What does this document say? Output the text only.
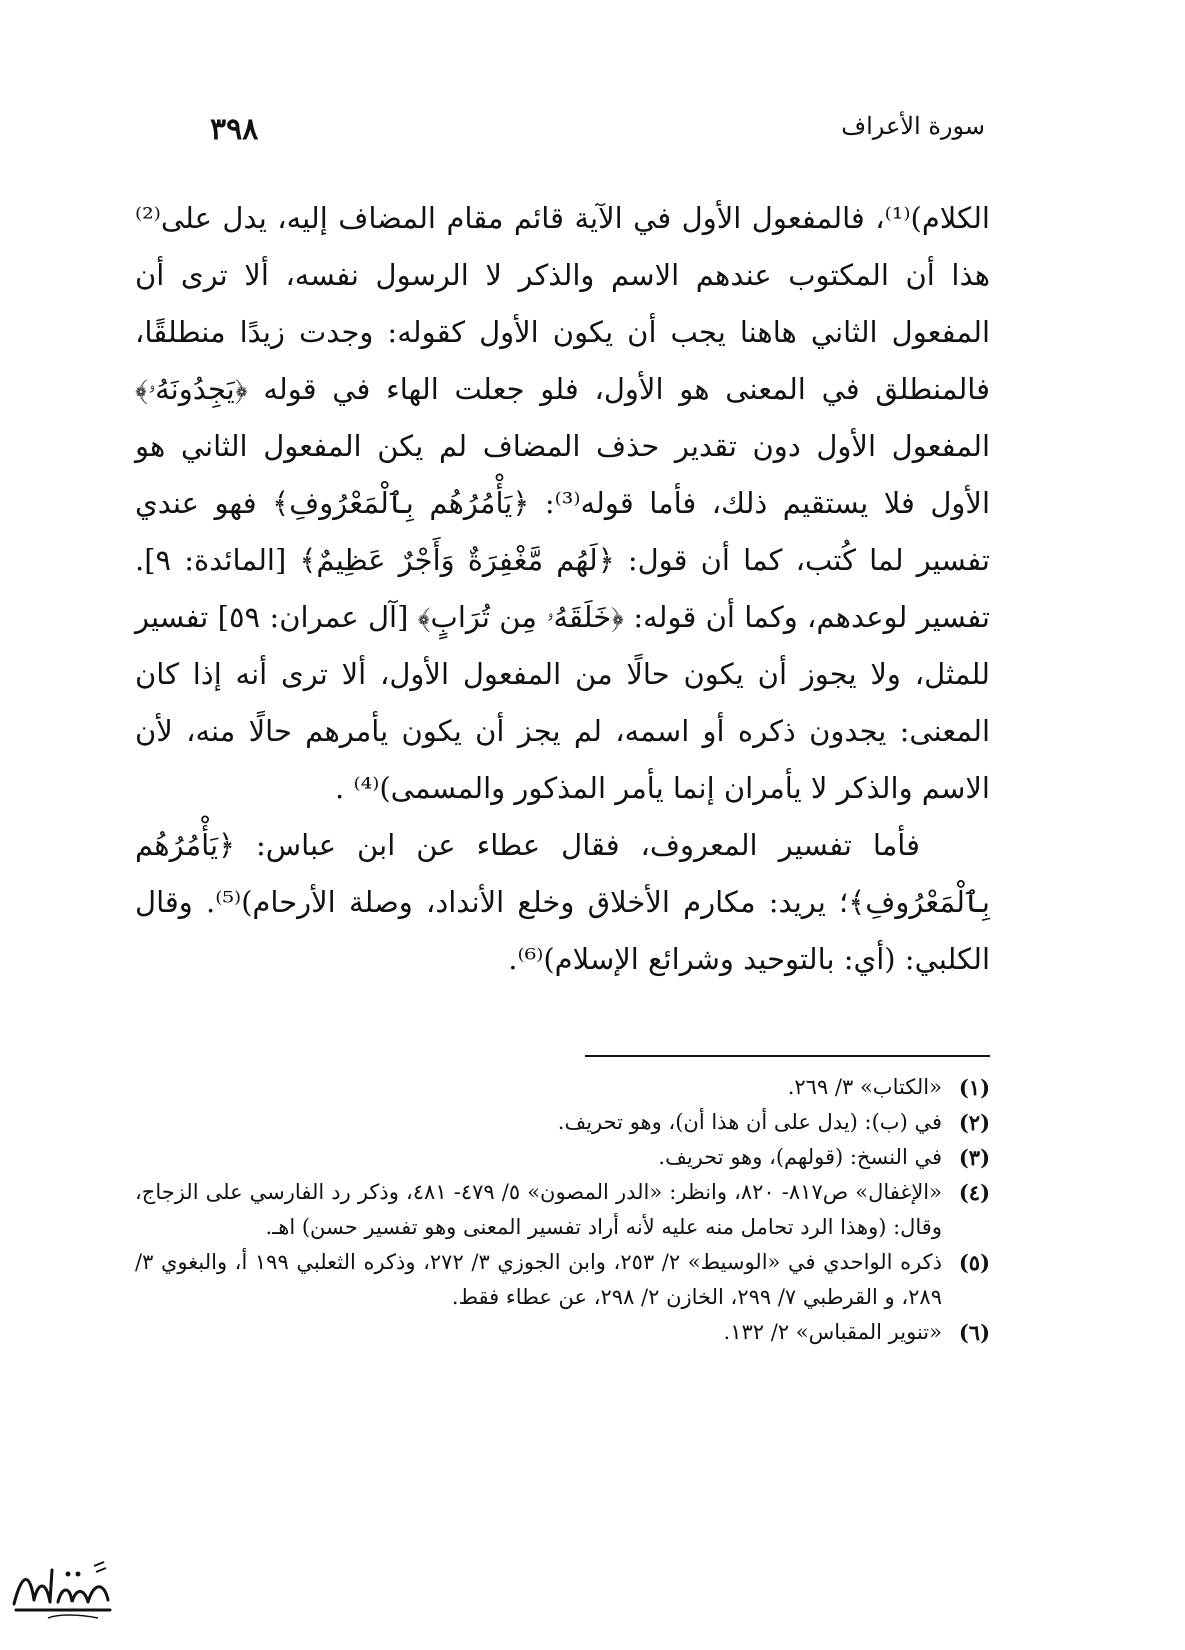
٣٩٨	سورة الأعراف

الكلام)⁽¹⁾، فالمفعول الأول في الآية قائم مقام المضاف إليه، يدل على⁽²⁾ هذا أن المكتوب عندهم الاسم والذكر لا الرسول نفسه، ألا ترى أن المفعول الثاني هاهنا يجب أن يكون الأول كقوله: وجدت زيدًا منطلقًا، فالمنطلق في المعنى هو الأول، فلو جعلت الهاء في قوله ﴿يَجِدُونَهُۥ﴾ المفعول الأول دون تقدير حذف المضاف لم يكن المفعول الثاني هو الأول فلا يستقيم ذلك، فأما قوله⁽³⁾: ﴿يَأْمُرُهُم بِٱلْمَعْرُوفِ﴾ فهو عندي تفسير لما كُتب، كما أن قول: ﴿لَهُم مَّغْفِرَةٌ وَأَجْرٌ عَظِيمٌ﴾ [المائدة: ٩]. تفسير لوعدهم، وكما أن قوله: ﴿خَلَقَهُۥ مِن تُرَابٍ﴾ [آل عمران: ٥٩] تفسير للمثل، ولا يجوز أن يكون حالًا من المفعول الأول، ألا ترى أنه إذا كان المعنى: يجدون ذكره أو اسمه، لم يجز أن يكون يأمرهم حالًا منه، لأن الاسم والذكر لا يأمران إنما يأمر المذكور والمسمى)⁽⁴⁾ .

فأما تفسير المعروف، فقال عطاء عن ابن عباس: ﴿يَأْمُرُهُم بِٱلْمَعْرُوفِ﴾؛ يريد: مكارم الأخلاق وخلع الأنداد، وصلة الأرحام)⁽⁵⁾. وقال الكلبي: (أي: بالتوحيد وشرائع الإسلام)⁽⁶⁾.

(١)
«الكتاب» ٣/ ٢٦٩.
(٢)
في (ب): (يدل على أن هذا أن)، وهو تحريف.
(٣)
في النسخ: (قولهم)، وهو تحريف.
(٤)
«الإغفال» ص٨١٧- ٨٢٠، وانظر: «الدر المصون» ٥/ ٤٧٩- ٤٨١، وذكر رد الفارسي على الزجاج، وقال: (وهذا الرد تحامل منه عليه لأنه أراد تفسير المعنى وهو تفسير حسن) اهـ.
(٥)
ذكره الواحدي في «الوسيط» ٢/ ٢٥٣، وابن الجوزي ٣/ ٢٧٢، وذكره الثعلبي ١٩٩ أ، والبغوي ٣/ ٢٨٩، و القرطبي ٧/ ٢٩٩، الخازن ٢/ ٢٩٨، عن عطاء فقط.
(٦)
«تنوير المقباس» ٢/ ١٣٢.
